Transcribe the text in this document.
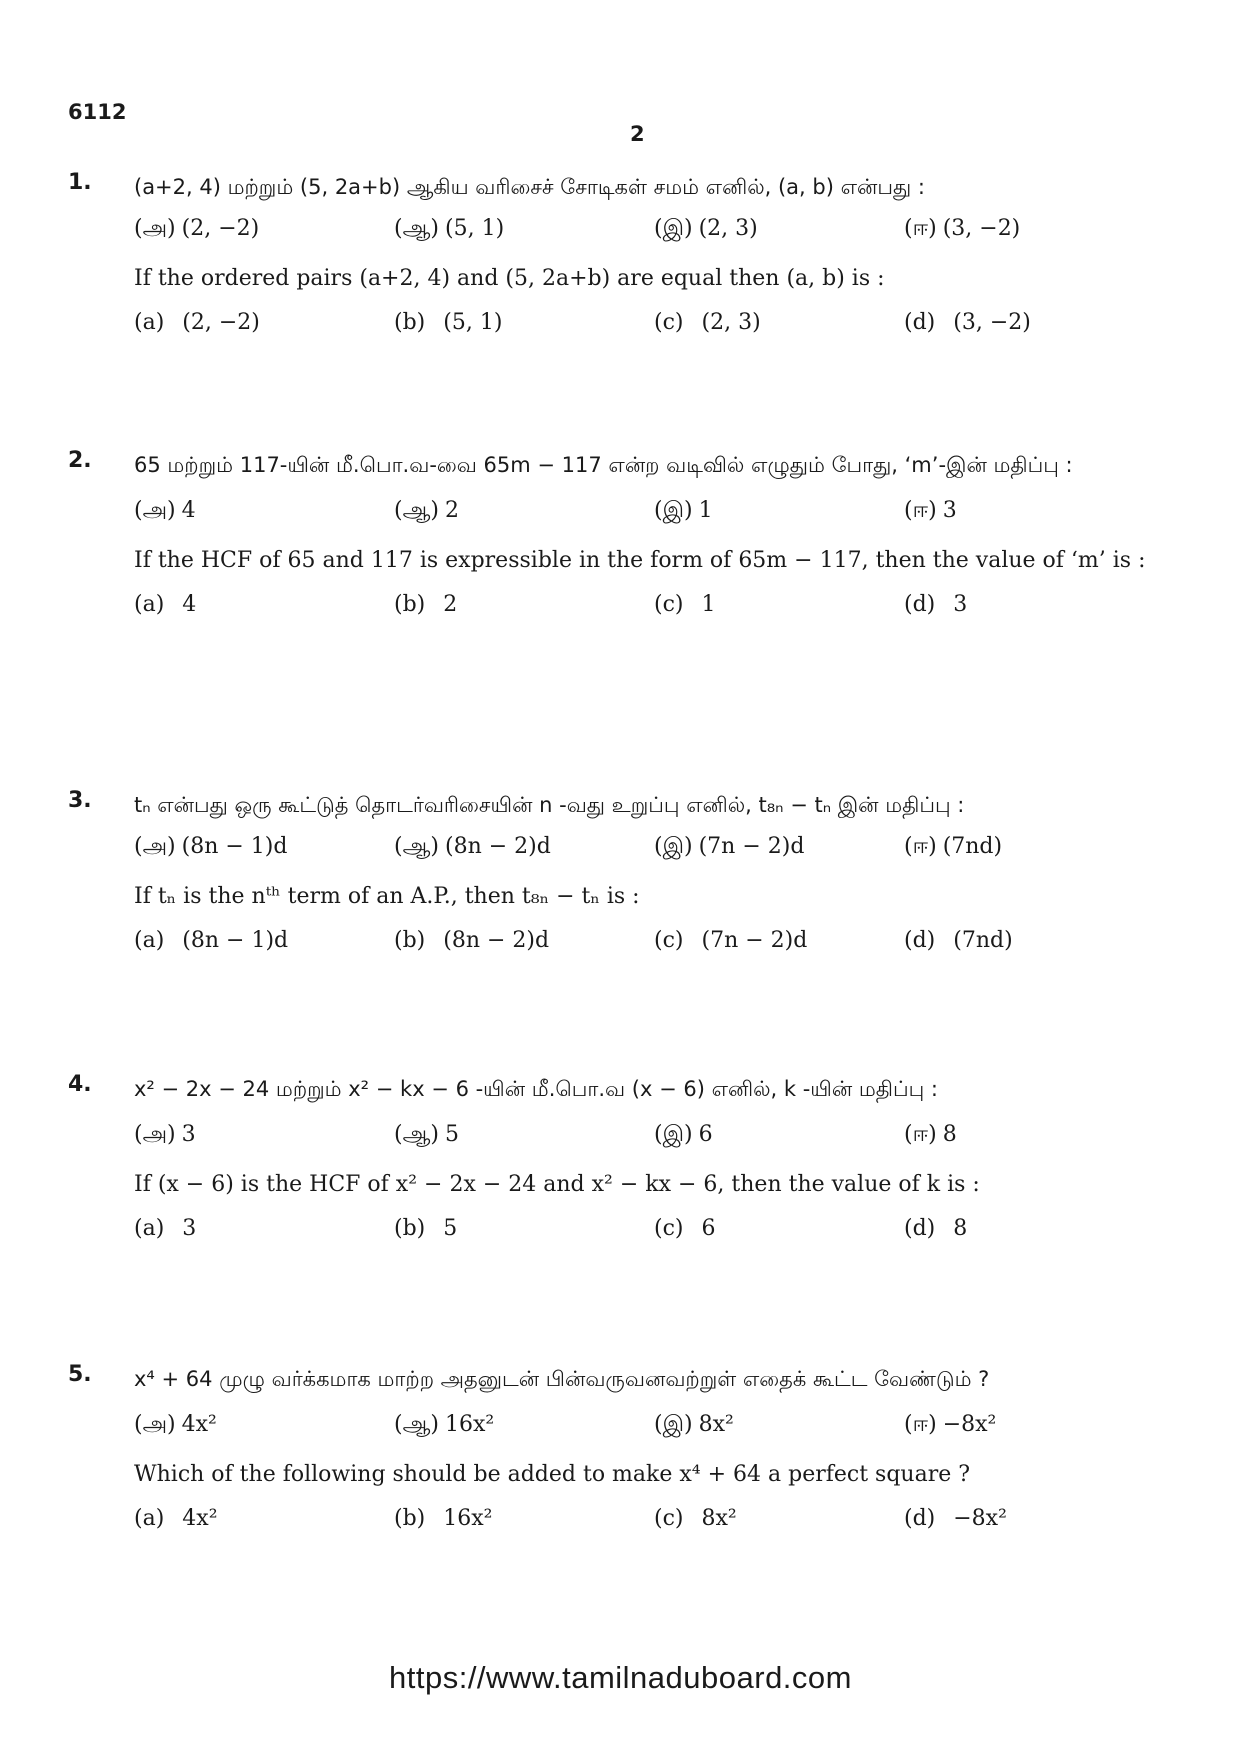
6112
2
1. (a+2, 4) மற்றும் (5, 2a+b) ஆகிய வரிசைச் சோடிகள் சமம் எனில், (a, b) என்பது :
(அ) (2, −2)	(ஆ) (5, 1)	(இ) (2, 3)	(ஈ) (3, −2)
If the ordered pairs (a+2, 4) and (5, 2a+b) are equal then (a, b) is :
(a) (2, −2)	(b) (5, 1)	(c) (2, 3)	(d) (3, −2)
2. 65 மற்றும் 117-யின் மீ.பொ.வ-வை 65m − 117 என்ற வடிவில் எழுதும் போது, ‘m’-இன் மதிப்பு :
(அ) 4	(ஆ) 2	(இ) 1	(ஈ) 3
If the HCF of 65 and 117 is expressible in the form of 65m − 117, then the value of ‘m’ is :
(a) 4	(b) 2	(c) 1	(d) 3
3. tₙ என்பது ஒரு கூட்டுத் தொடர்வரிசையின் n -வது உறுப்பு எனில், t₈ₙ − tₙ இன் மதிப்பு :
(அ) (8n − 1)d	(ஆ) (8n − 2)d	(இ) (7n − 2)d	(ஈ) (7nd)
If tₙ is the nᵗʰ term of an A.P., then t₈ₙ − tₙ is :
(a) (8n − 1)d	(b) (8n − 2)d	(c) (7n − 2)d	(d) (7nd)
4. x² − 2x − 24 மற்றும் x² − kx − 6 -யின் மீ.பொ.வ (x − 6) எனில், k -யின் மதிப்பு :
(அ) 3	(ஆ) 5	(இ) 6	(ஈ) 8
If (x − 6) is the HCF of x² − 2x − 24 and x² − kx − 6, then the value of k is :
(a) 3	(b) 5	(c) 6	(d) 8
5. x⁴ + 64 முழு வர்க்கமாக மாற்ற அதனுடன் பின்வருவனவற்றுள் எதைக் கூட்ட வேண்டும் ?
(அ) 4x²	(ஆ) 16x²	(இ) 8x²	(ஈ) −8x²
Which of the following should be added to make x⁴ + 64 a perfect square ?
(a) 4x²	(b) 16x²	(c) 8x²	(d) −8x²
https://www.tamilnaduboard.com
